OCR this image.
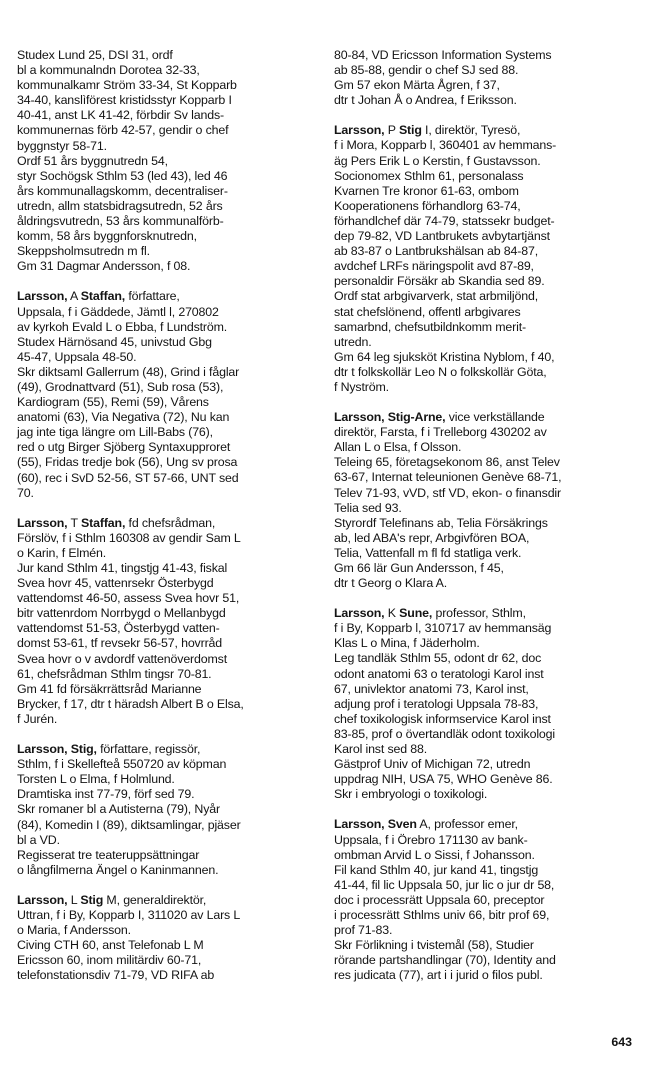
Studex Lund 25, DSI 31, ordf
bl a kommunalndn Dorotea 32-33,
kommunalkamr Ström 33-34, St Kopparb
34-40, kanslìförest kristidsstyr Kopparb I
40-41, anst LK 41-42, förbdir Sv lands-
kommunernas förb 42-57, gendir o chef
byggnstyr 58-71.
Ordf 51 års byggnutredn 54,
styr Sochögsk Sthlm 53 (led 43), led 46
års kommunallagskomm, decentraliser-
utredn, allm statsbidragsutredn, 52 års
åldringsvutredn, 53 års kommunalförb-
komm, 58 års byggnforsknutredn,
Skeppsholmsutredn m fl.
Gm 31 Dagmar Andersson, f 08.
Larsson, A Staffan, författare,
Uppsala, f i Gäddede, Jämtl l, 270802
av kyrkoh Evald L o Ebba, f Lundström.
Studex Härnösand 45, univstud Gbg
45-47, Uppsala 48-50.
Skr diktsaml Gallerrum (48), Grind i fåglar
(49), Grodnattvard (51), Sub rosa (53),
Kardiogram (55), Remi (59), Vårens
anatomi (63), Via Negativa (72), Nu kan
jag inte tiga längre om Lill-Babs (76),
red o utg Birger Sjöberg Syntaxupproret
(55), Fridas tredje bok (56), Ung sv prosa
(60), rec i SvD 52-56, ST 57-66, UNT sed
70.
Larsson, T Staffan, fd chefsrådman,
Förslöv, f i Sthlm 160308 av gendir Sam L
o Karin, f Elmén.
Jur kand Sthlm 41, tingstjg 41-43, fiskal
Svea hovr 45, vattenrsekr Österbygd
vattendomst 46-50, assess Svea hovr 51,
bitr vattenrdom Norrbygd o Mellanbygd
vattendomst 51-53, Österbygd vatten-
domst 53-61, tf revsekr 56-57, hovrråd
Svea hovr o v avdordf vattenöverdomst
61, chefsrådman Sthlm tingsr 70-81.
Gm 41 fd försäkrrättsråd Marianne
Brycker, f 17, dtr t häradsh Albert B o Elsa,
f Jurén.
Larsson, Stig, författare, regissör,
Sthlm, f i Skellefteå 550720 av köpman
Torsten L o Elma, f Holmlund.
Dramtiska inst 77-79, förf sed 79.
Skr romaner bl a Autisterna (79), Nyår
(84), Komedin I (89), diktsamlingar, pjäser
bl a VD.
Regisserat tre teateruppsättningar
o långfilmerna Ängel o Kaninmannen.
Larsson, L Stig M, generaldirektör,
Uttran, f i By, Kopparb I, 311020 av Lars L
o Maria, f Andersson.
Civing CTH 60, anst Telefonab L M
Ericsson 60, inom militärdiv 60-71,
telefonstationsdiv 71-79, VD RIFA ab
80-84, VD Ericsson Information Systems
ab 85-88, gendir o chef SJ sed 88.
Gm 57 ekon Märta Ågren, f 37,
dtr t Johan Å o Andrea, f Eriksson.
Larsson, P Stig I, direktör, Tyresö,
f i Mora, Kopparb l, 360401 av hemmans-
äg Pers Erik L o Kerstin, f Gustavsson.
Socionomex Sthlm 61, personalass
Kvarnen Tre kronor 61-63, ombom
Kooperationens förhandlorg 63-74,
förhandlchef där 74-79, statssekr budget-
dep 79-82, VD Lantbrukets avbytartjänst
ab 83-87 o Lantbrukshälsan ab 84-87,
avdchef LRFs näringspolit avd 87-89,
personaldir Försäkr ab Skandia sed 89.
Ordf stat arbgivarverk, stat arbmiljönd,
stat chefslönend, offentl arbgivares
samarbnd, chefsutbildnkomm merit-
utredn.
Gm 64 leg sjuksköt Kristina Nyblom, f 40,
dtr t folkskollär Leo N o folkskollär Göta,
f Nyström.
Larsson, Stig-Arne, vice verkställande
direktör, Farsta, f i Trelleborg 430202 av
Allan L o Elsa, f Olsson.
Teleing 65, företagsekonom 86, anst Telev
63-67, Internat teleunionen Genève 68-71,
Telev 71-93, vVD, stf VD, ekon- o finansdir
Telia sed 93.
Styrordf Telefinans ab, Telia Försäkrings
ab, led ABA's repr, Arbgivfören BOA,
Telia, Vattenfall m fl fd statliga verk.
Gm 66 lär Gun Andersson, f 45,
dtr t Georg o Klara A.
Larsson, K Sune, professor, Sthlm,
f i By, Kopparb l, 310717 av hemmansäg
Klas L o Mina, f Jäderholm.
Leg tandläk Sthlm 55, odont dr 62, doc
odont anatomi 63 o teratologi Karol inst
67, univlektor anatomi 73, Karol inst,
adjung prof i teratologi Uppsala 78-83,
chef toxikologisk informservice Karol inst
83-85, prof o övertandläk odont toxikologi
Karol inst sed 88.
Gästprof Univ of Michigan 72, utredn
uppdrag NIH, USA 75, WHO Genève 86.
Skr i embryologi o toxikologi.
Larsson, Sven A, professor emer,
Uppsala, f i Örebro 171130 av bank-
ombman Arvid L o Sissi, f Johansson.
Fil kand Sthlm 40, jur kand 41, tingstjg
41-44, fil lic Uppsala 50, jur lic o jur dr 58,
doc i processrätt Uppsala 60, preceptor
i processrätt Sthlms univ 66, bitr prof 69,
prof 71-83.
Skr Förlikning i tvistemål (58), Studier
rörande partshandlingar (70), Identity and
res judicata (77), art i i jurid o filos publ.
643
